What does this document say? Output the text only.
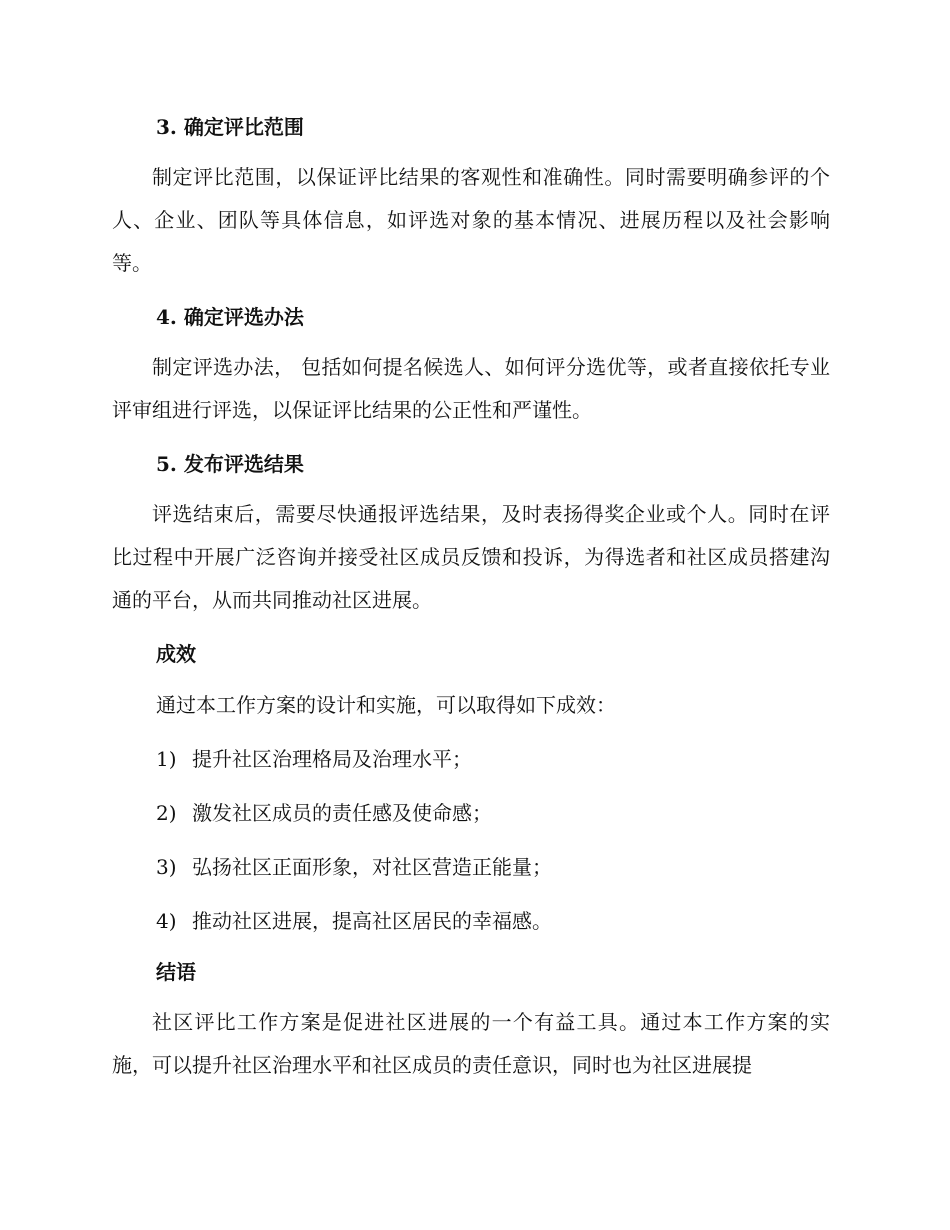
3. 确定评比范围

制定评比范围，以保证评比结果的客观性和准确性。同时需要明确参评的个人、企业、团队等具体信息，如评选对象的基本情况、进展历程以及社会影响等。

4. 确定评选办法

制定评选办法， 包括如何提名候选人、如何评分选优等，或者直接依托专业评审组进行评选，以保证评比结果的公正性和严谨性。

5. 发布评选结果

评选结束后，需要尽快通报评选结果，及时表扬得奖企业或个人。同时在评比过程中开展广泛咨询并接受社区成员反馈和投诉，为得选者和社区成员搭建沟通的平台，从而共同推动社区进展。

成效

通过本工作方案的设计和实施，可以取得如下成效：

1) 提升社区治理格局及治理水平；

2) 激发社区成员的责任感及使命感；

3) 弘扬社区正面形象，对社区营造正能量；

4) 推动社区进展，提高社区居民的幸福感。

结语

社区评比工作方案是促进社区进展的一个有益工具。通过本工作方案的实施，可以提升社区治理水平和社区成员的责任意识，同时也为社区进展提
